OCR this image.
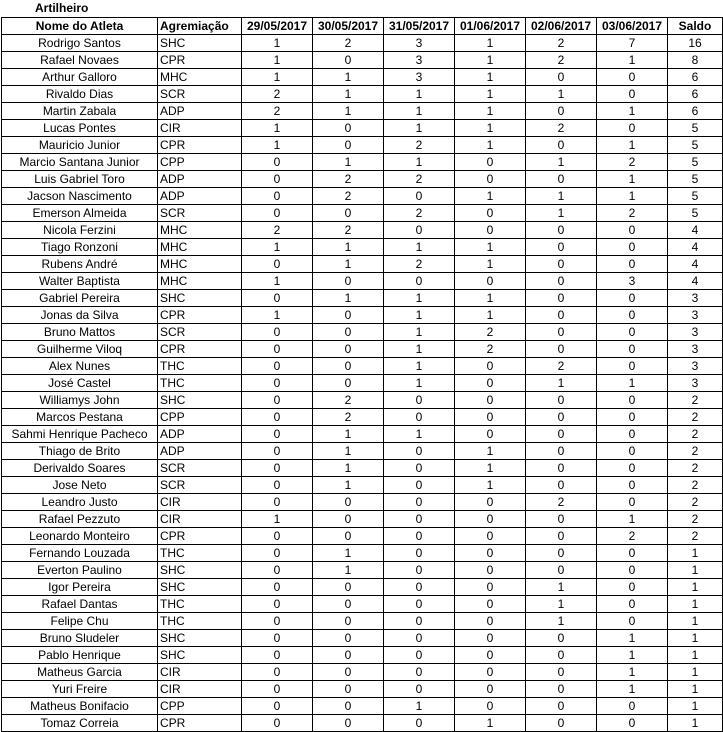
Artilheiro
Nome do Atleta	Agremiação	29/05/2017	30/05/2017	31/05/2017	01/06/2017	02/06/2017	03/06/2017	Saldo
Rodrigo Santos	SHC	1	2	3	1	2	7	16
Rafael Novaes	CPR	1	0	3	1	2	1	8
Arthur Galloro	MHC	1	1	3	1	0	0	6
Rivaldo Dias	SCR	2	1	1	1	1	0	6
Martin Zabala	ADP	2	1	1	1	0	1	6
Lucas Pontes	CIR	1	0	1	1	2	0	5
Mauricio Junior	CPR	1	0	2	1	0	1	5
Marcio Santana Junior	CPP	0	1	1	0	1	2	5
Luis Gabriel Toro	ADP	0	2	2	0	0	1	5
Jacson Nascimento	ADP	0	2	0	1	1	1	5
Emerson Almeida	SCR	0	0	2	0	1	2	5
Nicola Ferzini	MHC	2	2	0	0	0	0	4
Tiago Ronzoni	MHC	1	1	1	1	0	0	4
Rubens André	MHC	0	1	2	1	0	0	4
Walter Baptista	MHC	1	0	0	0	0	3	4
Gabriel Pereira	SHC	0	1	1	1	0	0	3
Jonas da Silva	CPR	1	0	1	1	0	0	3
Bruno Mattos	SCR	0	0	1	2	0	0	3
Guilherme Viloq	CPR	0	0	1	2	0	0	3
Alex Nunes	THC	0	0	1	0	2	0	3
José Castel	THC	0	0	1	0	1	1	3
Williamys John	SHC	0	2	0	0	0	0	2
Marcos Pestana	CPP	0	2	0	0	0	0	2
Sahmi Henrique Pacheco	ADP	0	1	1	0	0	0	2
Thiago de Brito	ADP	0	1	0	1	0	0	2
Derivaldo Soares	SCR	0	1	0	1	0	0	2
Jose Neto	SCR	0	1	0	1	0	0	2
Leandro Justo	CIR	0	0	0	0	2	0	2
Rafael Pezzuto	CIR	1	0	0	0	0	1	2
Leonardo Monteiro	CPR	0	0	0	0	0	2	2
Fernando Louzada	THC	0	1	0	0	0	0	1
Everton Paulino	SHC	0	1	0	0	0	0	1
Igor Pereira	SHC	0	0	0	0	1	0	1
Rafael Dantas	THC	0	0	0	0	1	0	1
Felipe Chu	THC	0	0	0	0	1	0	1
Bruno Sludeler	SHC	0	0	0	0	0	1	1
Pablo Henrique	SHC	0	0	0	0	0	1	1
Matheus Garcia	CIR	0	0	0	0	0	1	1
Yuri Freire	CIR	0	0	0	0	0	1	1
Matheus Bonifacio	CPP	0	0	1	0	0	0	1
Tomaz Correia	CPR	0	0	0	1	0	0	1
